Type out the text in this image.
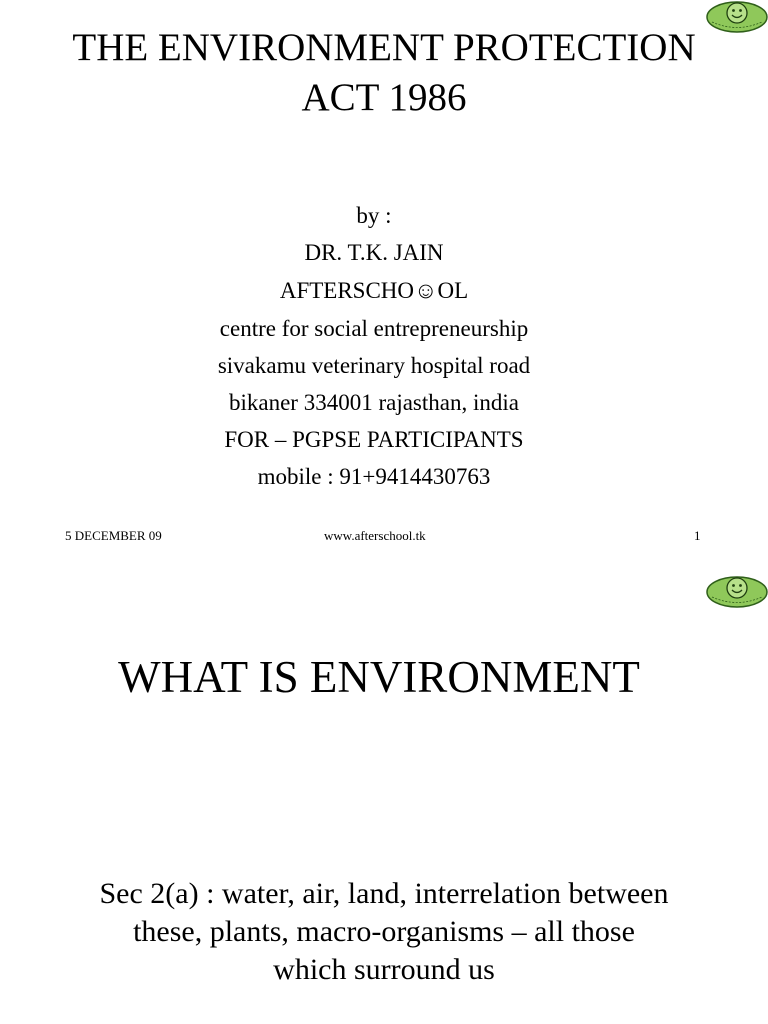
THE ENVIRONMENT PROTECTION
ACT 1986
by :
DR. T.K. JAIN
AFTERSCHO☺OL
centre for social entrepreneurship
sivakamu veterinary hospital road
bikaner 334001 rajasthan, india
FOR – PGPSE PARTICIPANTS
mobile : 91+9414430763
5 DECEMBER 09	www.afterschool.tk	1
WHAT IS ENVIRONMENT
Sec 2(a) : water, air, land, interrelation between
these, plants, macro-organisms – all those
which surround us
